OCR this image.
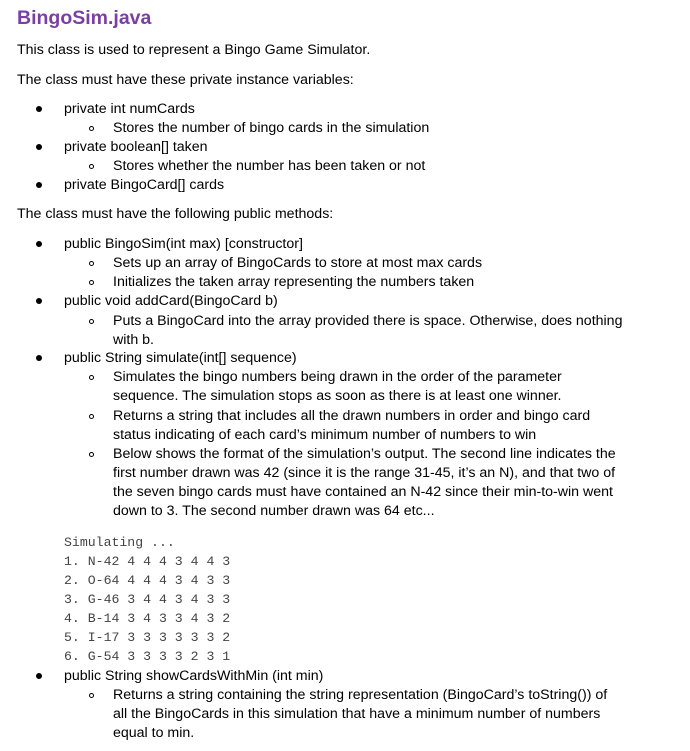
BingoSim.java
This class is used to represent a Bingo Game Simulator.
The class must have these private instance variables:
private int numCards
Stores the number of bingo cards in the simulation
private boolean[] taken
Stores whether the number has been taken or not
private BingoCard[] cards
The class must have the following public methods:
public BingoSim(int max) [constructor]
Sets up an array of BingoCards to store at most max cards
Initializes the taken array representing the numbers taken
public void addCard(BingoCard b)
Puts a BingoCard into the array provided there is space. Otherwise, does nothing
with b.
public String simulate(int[] sequence)
Simulates the bingo numbers being drawn in the order of the parameter
sequence. The simulation stops as soon as there is at least one winner.
Returns a string that includes all the drawn numbers in order and bingo card
status indicating of each card’s minimum number of numbers to win
Below shows the format of the simulation’s output. The second line indicates the
first number drawn was 42 (since it is the range 31-45, it’s an N), and that two of
the seven bingo cards must have contained an N-42 since their min-to-win went
down to 3. The second number drawn was 64 etc...
Simulating ...
1. N-42 4 4 4 3 4 4 3
2. O-64 4 4 4 3 4 3 3
3. G-46 3 4 4 3 4 3 3
4. B-14 3 4 3 3 4 3 2
5. I-17 3 3 3 3 3 3 2
6. G-54 3 3 3 3 2 3 1
public String showCardsWithMin (int min)
Returns a string containing the string representation (BingoCard’s toString()) of
all the BingoCards in this simulation that have a minimum number of numbers
equal to min.
